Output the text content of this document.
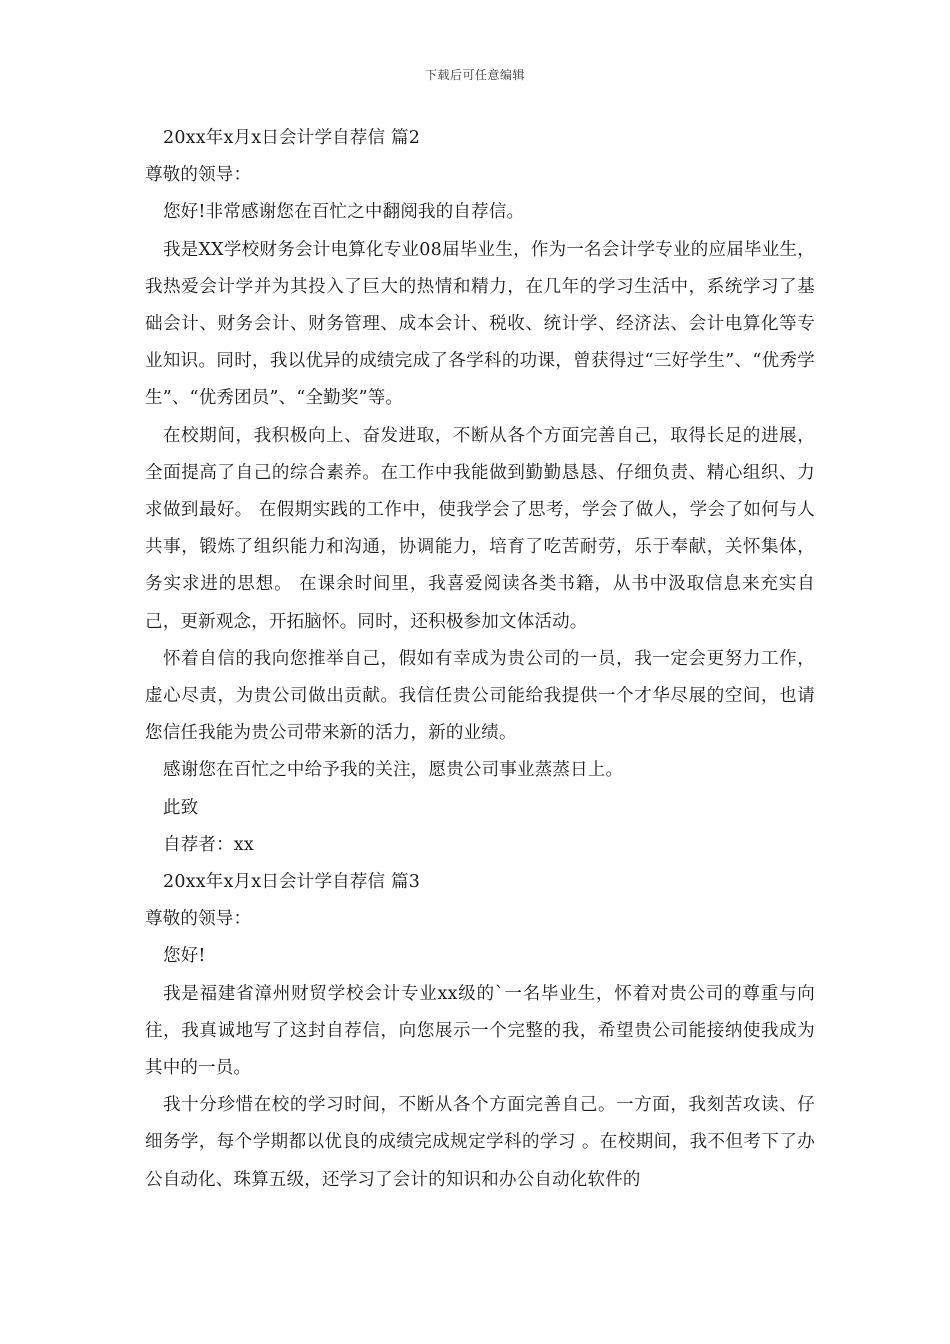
下载后可任意编辑
20xx年x月x日会计学自荐信 篇2
尊敬的领导：
您好!非常感谢您在百忙之中翻阅我的自荐信。

我是XX学校财务会计电算化专业08届毕业生，作为一名会计学专业的应届毕业生，我热爱会计学并为其投入了巨大的热情和精力，在几年的学习生活中，系统学习了基础会计、财务会计、财务管理、成本会计、税收、统计学、经济法、会计电算化等专业知识。同时，我以优异的成绩完成了各学科的功课，曾获得过“三好学生”、“优秀学生”、“优秀团员”、“全勤奖”等。

在校期间，我积极向上、奋发进取，不断从各个方面完善自己，取得长足的进展，全面提高了自己的综合素养。在工作中我能做到勤勤恳恳、仔细负责、精心组织、力求做到最好。 在假期实践的工作中，使我学会了思考，学会了做人，学会了如何与人共事，锻炼了组织能力和沟通，协调能力，培育了吃苦耐劳，乐于奉献，关怀集体，务实求进的思想。 在课余时间里，我喜爱阅读各类书籍，从书中汲取信息来充实自己，更新观念，开拓脑怀。同时，还积极参加文体活动。

怀着自信的我向您推举自己，假如有幸成为贵公司的一员，我一定会更努力工作，虚心尽责，为贵公司做出贡献。我信任贵公司能给我提供一个才华尽展的空间，也请您信任我能为贵公司带来新的活力，新的业绩。

感谢您在百忙之中给予我的关注，愿贵公司事业蒸蒸日上。
此致
自荐者：xx
20xx年x月x日会计学自荐信 篇3
尊敬的领导：
您好!

我是福建省漳州财贸学校会计专业xx级的`一名毕业生，怀着对贵公司的尊重与向往，我真诚地写了这封自荐信，向您展示一个完整的我，希望贵公司能接纳使我成为其中的一员。

我十分珍惜在校的学习时间，不断从各个方面完善自己。一方面，我刻苦攻读、仔细务学，每个学期都以优良的成绩完成规定学科的学习 。在校期间，我不但考下了办公自动化、珠算五级，还学习了会计的知识和办公自动化软件的
